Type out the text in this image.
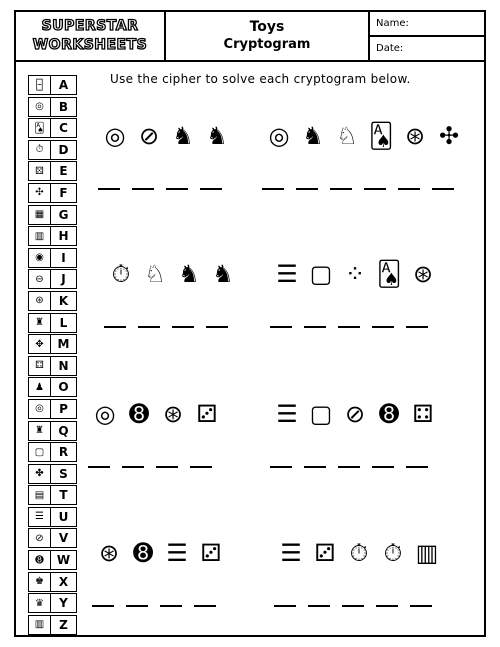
SUPERSTAR
WORKSHEETS
Toys
Cryptogram
Name:
Date:
Use the cipher to solve each cryptogram below.
🁣	A
◎	B
🂡	C
⏱	D
⚄	E
✣	F
▦	G
▥	H
◉	I
⊖	J
⊛	K
♜	L
✥	M
⚃	N
♟	O
◎	P
♜	Q
▢	R
✤	S
▤	T
☰	U
⊘	V
➑	W
♚	X
♛	Y
▥	Z
◎ ⊘ ♞ ♞ ◎ ♞ ♘ 🂡 ⊛ ✣
⏱ ♘ ♞ ♞ ☰ ▢ ⁘ 🂡 ⊛
◎ ➑ ⊛ ⚂ ☰ ▢ ⊘ ➑ ⚃
⊛ ➑ ☰ ⚂ ☰ ⚂ ⏱ ⏱ ▥
